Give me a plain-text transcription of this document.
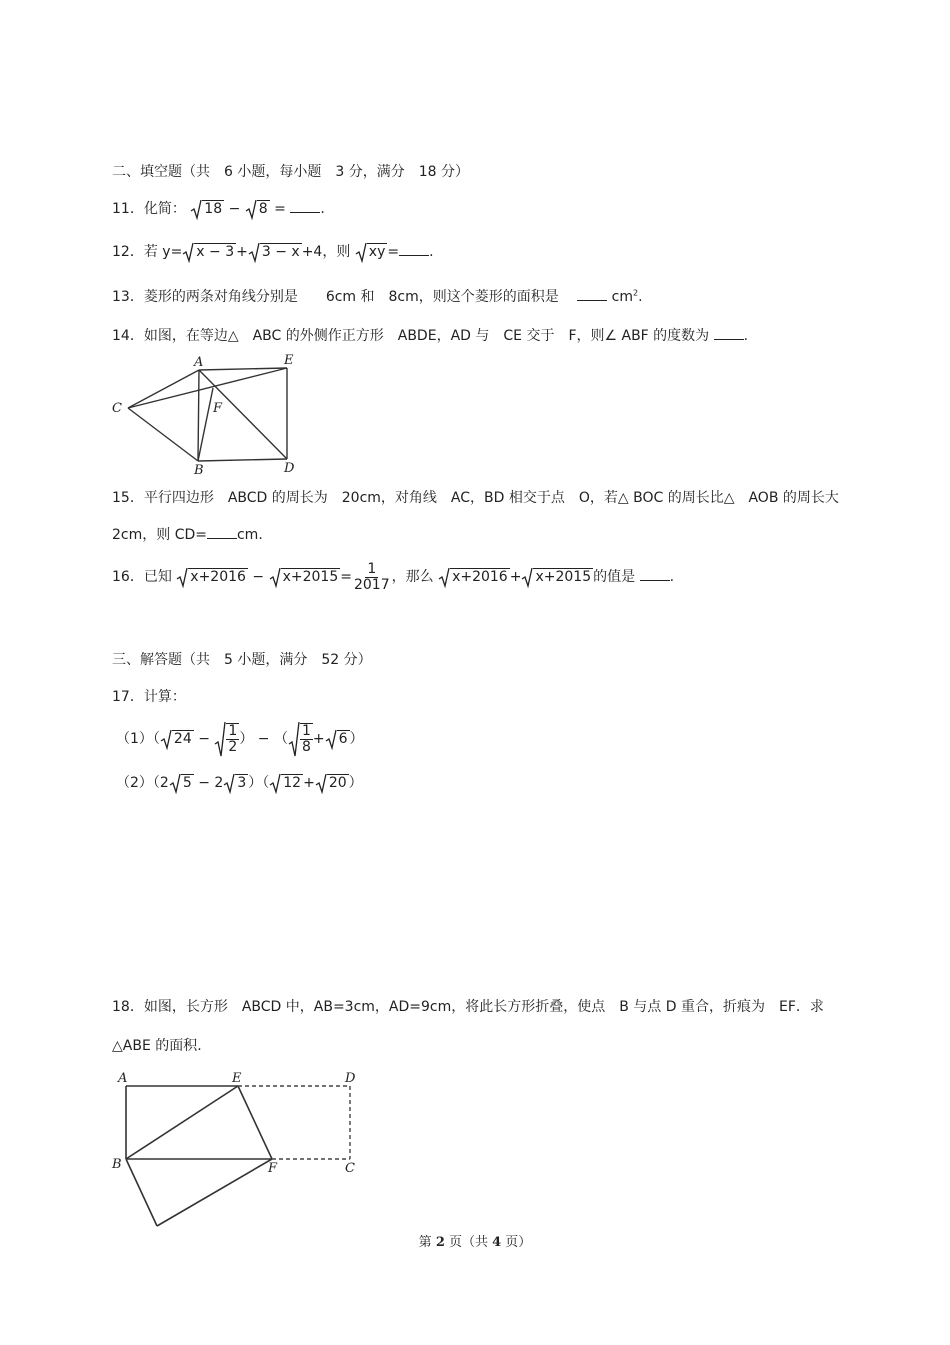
二、填空题（共　6 小题，每小题　3 分，满分　18 分）
11．化简： 18 − 8 = .
12．若 y= x − 3 + 3 − x +4，则 xy = .
13．菱形的两条对角线分别是　　6cm 和　8cm，则这个菱形的面积是	$cm^2$.
14．如图，在等边△　ABC 的外侧作正方形　ABDE，AD 与　CE 交于　F，则∠ ABF 的度数为 .
A	E
C	F
B	D
15．平行四边形　ABCD 的周长为　20cm，对角线　AC，BD 相交于点　O，若△ BOC 的周长比△　AOB 的周长大
2cm，则 CD= cm.
16．已知 $x+2016 - x+2015 = \frac{1}{2017}$ ，那么 x+2016 + x+2015 的值是 .
三、解答题（共　5 小题，满分　52 分）
17．计算：
（1）（ $24 - \frac{1}{2}$ ） − （ $\frac{1}{8} + 6$ ）
（2）（2 5 − 2 3 ）（ 12 + 20 ）
18．如图，长方形　ABCD 中，AB=3cm，AD=9cm，将此长方形折叠，使点　B 与点 D 重合，折痕为　EF．求
△ABE 的面积.
A	E	D
B	F	C
第 2 页（共 4 页）
